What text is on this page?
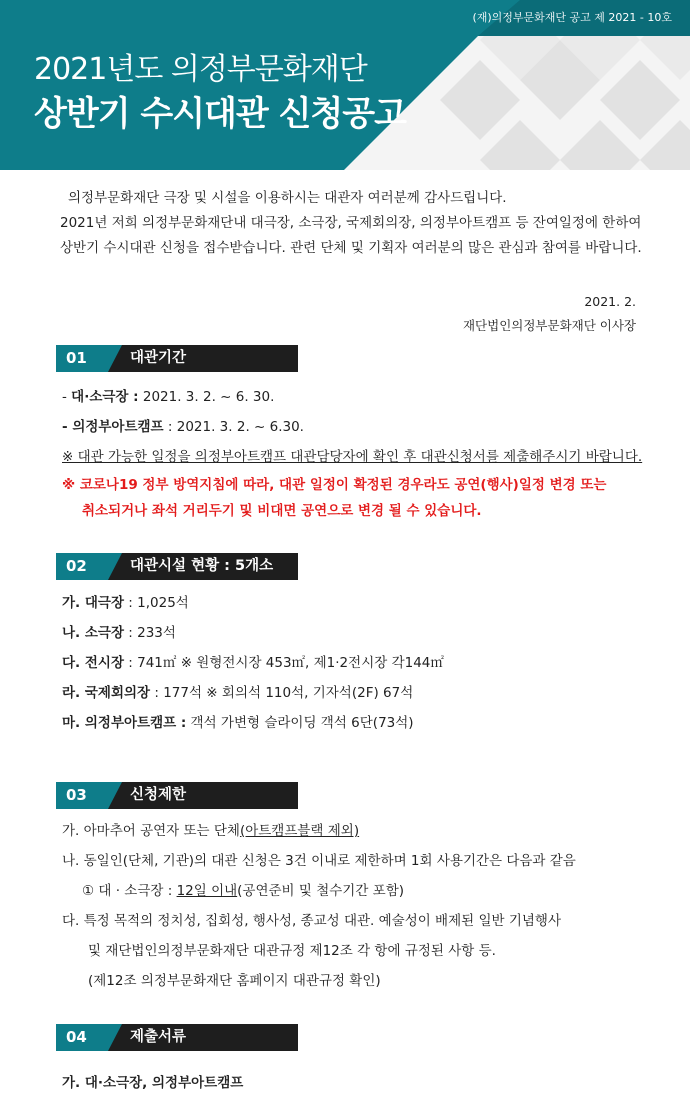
(재)의정부문화재단 공고 제 2021 - 10호
2021년도 의정부문화재단
상반기 수시대관 신청공고

의정부문화재단 극장 및 시설을 이용하시는 대관자 여러분께 감사드립니다.

2021년 저희 의정부문화재단내 대극장, 소극장, 국제회의장, 의정부아트캠프 등 잔여일정에 한하여

상반기 수시대관 신청을 접수받습니다. 관련 단체 및 기획자 여러분의 많은 관심과 참여를 바랍니다.

2021. 2.
재단법인의정부문화재단 이사장
01	대관기간
- 대·소극장 : 2021. 3. 2. ~ 6. 30.
- 의정부아트캠프 : 2021. 3. 2. ~ 6.30.
※ 대관 가능한 일정을 의정부아트캠프 대관담당자에 확인 후 대관신청서를 제출해주시기 바랍니다.
※ 코로나19 정부 방역지침에 따라, 대관 일정이 확정된 경우라도 공연(행사)일정 변경 또는
취소되거나 좌석 거리두기 및 비대면 공연으로 변경 될 수 있습니다.
02	대관시설 현황 : 5개소
가. 대극장 : 1,025석
나. 소극장 : 233석
다. 전시장 : 741㎡ ※ 원형전시장 453㎡, 제1·2전시장 각144㎡
라. 국제회의장 : 177석 ※ 회의석 110석, 기자석(2F) 67석
마. 의정부아트캠프 : 객석 가변형 슬라이딩 객석 6단(73석)
03	신청제한
가. 아마추어 공연자 또는 단체(아트캠프블랙 제외)
나. 동일인(단체, 기관)의 대관 신청은 3건 이내로 제한하며 1회 사용기간은 다음과 같음
① 대 · 소극장 : 12일 이내(공연준비 및 철수기간 포함)
다. 특정 목적의 정치성, 집회성, 행사성, 종교성 대관. 예술성이 배제된 일반 기념행사
및 재단법인의정부문화재단 대관규정 제12조 각 항에 규정된 사항 등.
(제12조 의정부문화재단 홈페이지 대관규정 확인)
04	제출서류
가. 대·소극장, 의정부아트캠프
